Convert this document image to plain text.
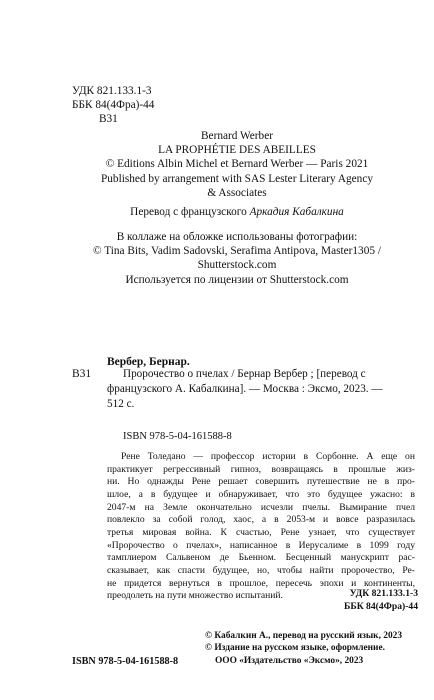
УДК 821.133.1-3
ББК 84(4Фра)-44
В31
Bernard Werber
LA PROPHÉTIE DES ABEILLES
© Editions Albin Michel et Bernard Werber — Paris 2021
Published by arrangement with SAS Lester Literary Agency
& Associates
Перевод с французского Аркадия Кабалкина
В коллаже на обложке использованы фотографии:
© Tina Bits, Vadim Sadovski, Serafima Antipova, Master1305 /
Shutterstock.com
Используется по лицензии от Shutterstock.com
Вербер, Бернар.
В31	Пророчество о пчелах / Бернар Вербер ; [перевод с
французского А. Кабалкина]. — Москва : Эксмо, 2023. —
512 с.
ISBN 978-5-04-161588-8
Рене Толедано — профессор истории в Сорбонне. А еще он
практикует регрессивный гипноз, возвращаясь в прошлые жиз-
ни. Но однажды Рене решает совершить путешествие не в про-
шлое, а в будущее и обнаруживает, что это будущее ужасно: в
2047-м на Земле окончательно исчезли пчелы. Вымирание пчел
повлекло за собой голод, хаос, а в 2053-м и вовсе разразилась
третья мировая война. К счастью, Рене узнает, что существует
«Пророчество о пчелах», написанное в Иерусалиме в 1099 году
тамплиером Сальвеном де Бьенном. Бесценный манускрипт рас-
сказывает, как спасти будущее, но, чтобы найти пророчество, Ре-
не придется вернуться в прошлое, пересечь эпохи и континенты,
преодолеть на пути множество испытаний.	УДК 821.133.1-3
ББК 84(4Фра)-44
ISBN 978-5-04-161588-8
© Кабалкин А., перевод на русский язык, 2023
© Издание на русском языке, оформление.
ООО «Издательство «Эксмо», 2023
